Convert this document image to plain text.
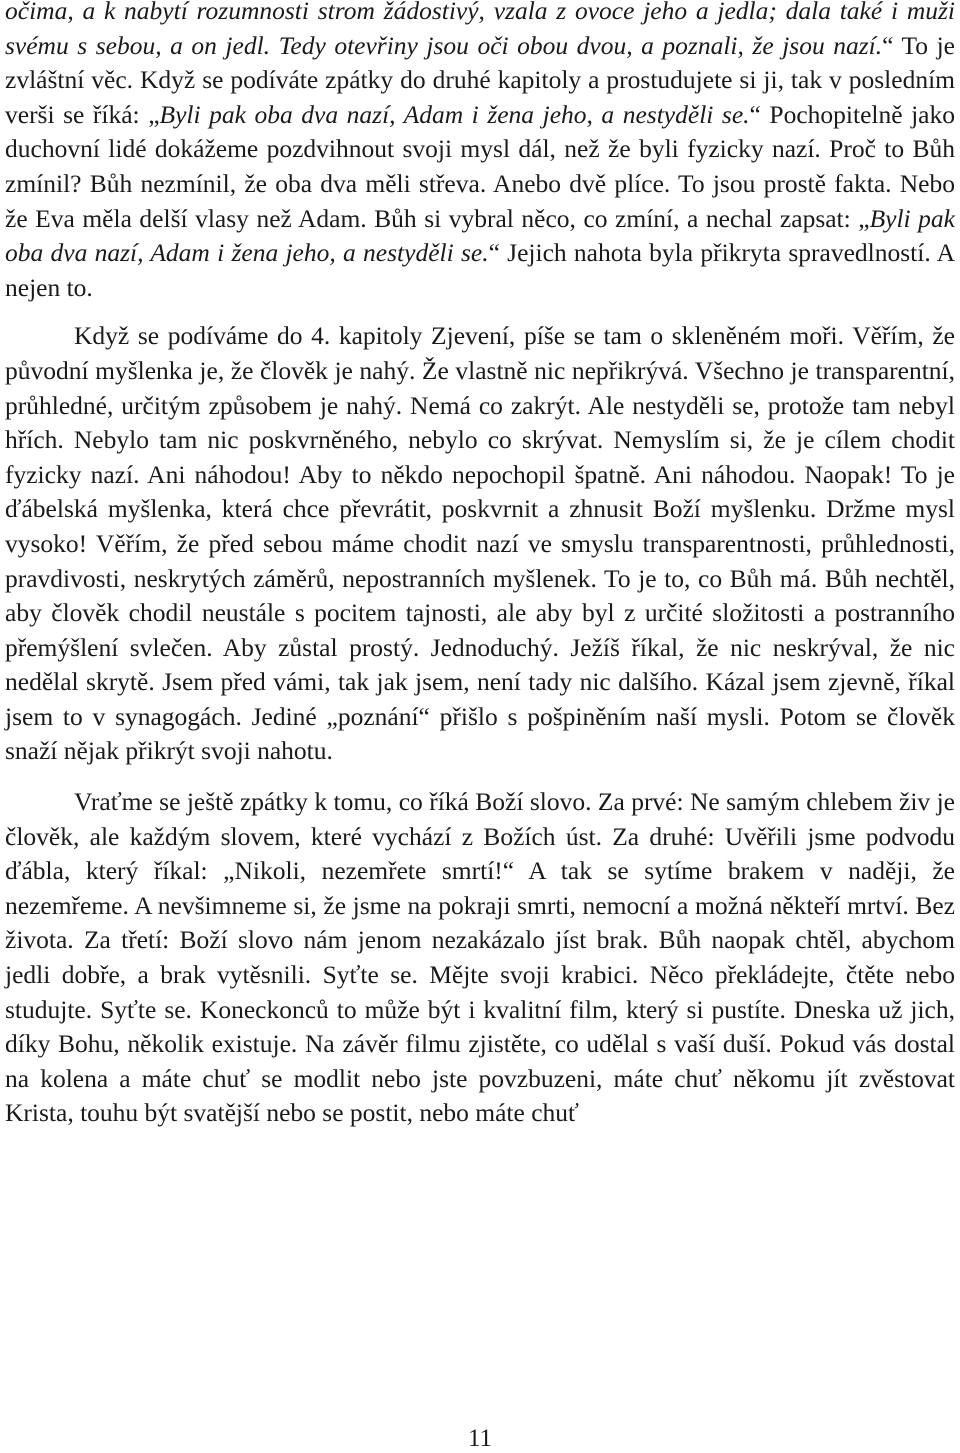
očima, a k nabytí rozumnosti strom žádostivý, vzala z ovoce jeho a jedla; dala také i muži svému s sebou, a on jedl. Tedy otevřiny jsou oči obou dvou, a poznali, že jsou nazí.“ To je zvláštní věc. Když se podíváte zpátky do druhé kapitoly a prostudujete si ji, tak v posledním verši se říká: „Byli pak oba dva nazí, Adam i žena jeho, a nestyděli se.“ Pochopitelně jako duchovní lidé dokážeme pozdvihnout svoji mysl dál, než že byli fyzicky nazí. Proč to Bůh zmínil? Bůh nezmínil, že oba dva měli střeva. Anebo dvě plíce. To jsou prostě fakta. Nebo že Eva měla delší vlasy než Adam. Bůh si vybral něco, co zmíní, a nechal zapsat: „Byli pak oba dva nazí, Adam i žena jeho, a nestyděli se.“ Jejich nahota byla přikryta spravedlností. A nejen to.

Když se podíváme do 4. kapitoly Zjevení, píše se tam o skleněném moři. Věřím, že původní myšlenka je, že člověk je nahý. Že vlastně nic nepřikrývá. Všechno je transparentní, průhledné, určitým způsobem je nahý. Nemá co zakrýt. Ale nestyděli se, protože tam nebyl hřích. Nebylo tam nic poskvrněného, nebylo co skrývat. Nemyslím si, že je cílem chodit fyzicky nazí. Ani náhodou! Aby to někdo nepochopil špatně. Ani náhodou. Naopak! To je ďábelská myšlenka, která chce převrátit, poskvrnit a zhnusit Boží myšlenku. Držme mysl vysoko! Věřím, že před sebou máme chodit nazí ve smyslu transparentnosti, průhlednosti, pravdivosti, neskrytých záměrů, nepostranních myšlenek. To je to, co Bůh má. Bůh nechtěl, aby člověk chodil neustále s pocitem tajnosti, ale aby byl z určité složitosti a postranního přemýšlení svlečen. Aby zůstal prostý. Jednoduchý. Ježíš říkal, že nic neskrýval, že nic nedělal skrytě. Jsem před vámi, tak jak jsem, není tady nic dalšího. Kázal jsem zjevně, říkal jsem to v synagogách. Jediné „poznání“ přišlo s pošpiněním naší mysli. Potom se člověk snaží nějak přikrýt svoji nahotu.

Vraťme se ještě zpátky k tomu, co říká Boží slovo. Za prvé: Ne samým chlebem živ je člověk, ale každým slovem, které vychází z Božích úst. Za druhé: Uvěřili jsme podvodu ďábla, který říkal: „Nikoli, nezemřete smrtí!“ A tak se sytíme brakem v naději, že nezemřeme. A nevšimneme si, že jsme na pokraji smrti, nemocní a možná někteří mrtví. Bez života. Za třetí: Boží slovo nám jenom nezakázalo jíst brak. Bůh naopak chtěl, abychom jedli dobře, a brak vytěsnili. Syťte se. Mějte svoji krabici. Něco překládejte, čtěte nebo studujte. Syťte se. Koneckonců to může být i kvalitní film, který si pustíte. Dneska už jich, díky Bohu, několik existuje. Na závěr filmu zjistěte, co udělal s vaší duší. Pokud vás dostal na kolena a máte chuť se modlit nebo jste povzbuzeni, máte chuť někomu jít zvěstovat Krista, touhu být svatější nebo se postit, nebo máte chuť

11
